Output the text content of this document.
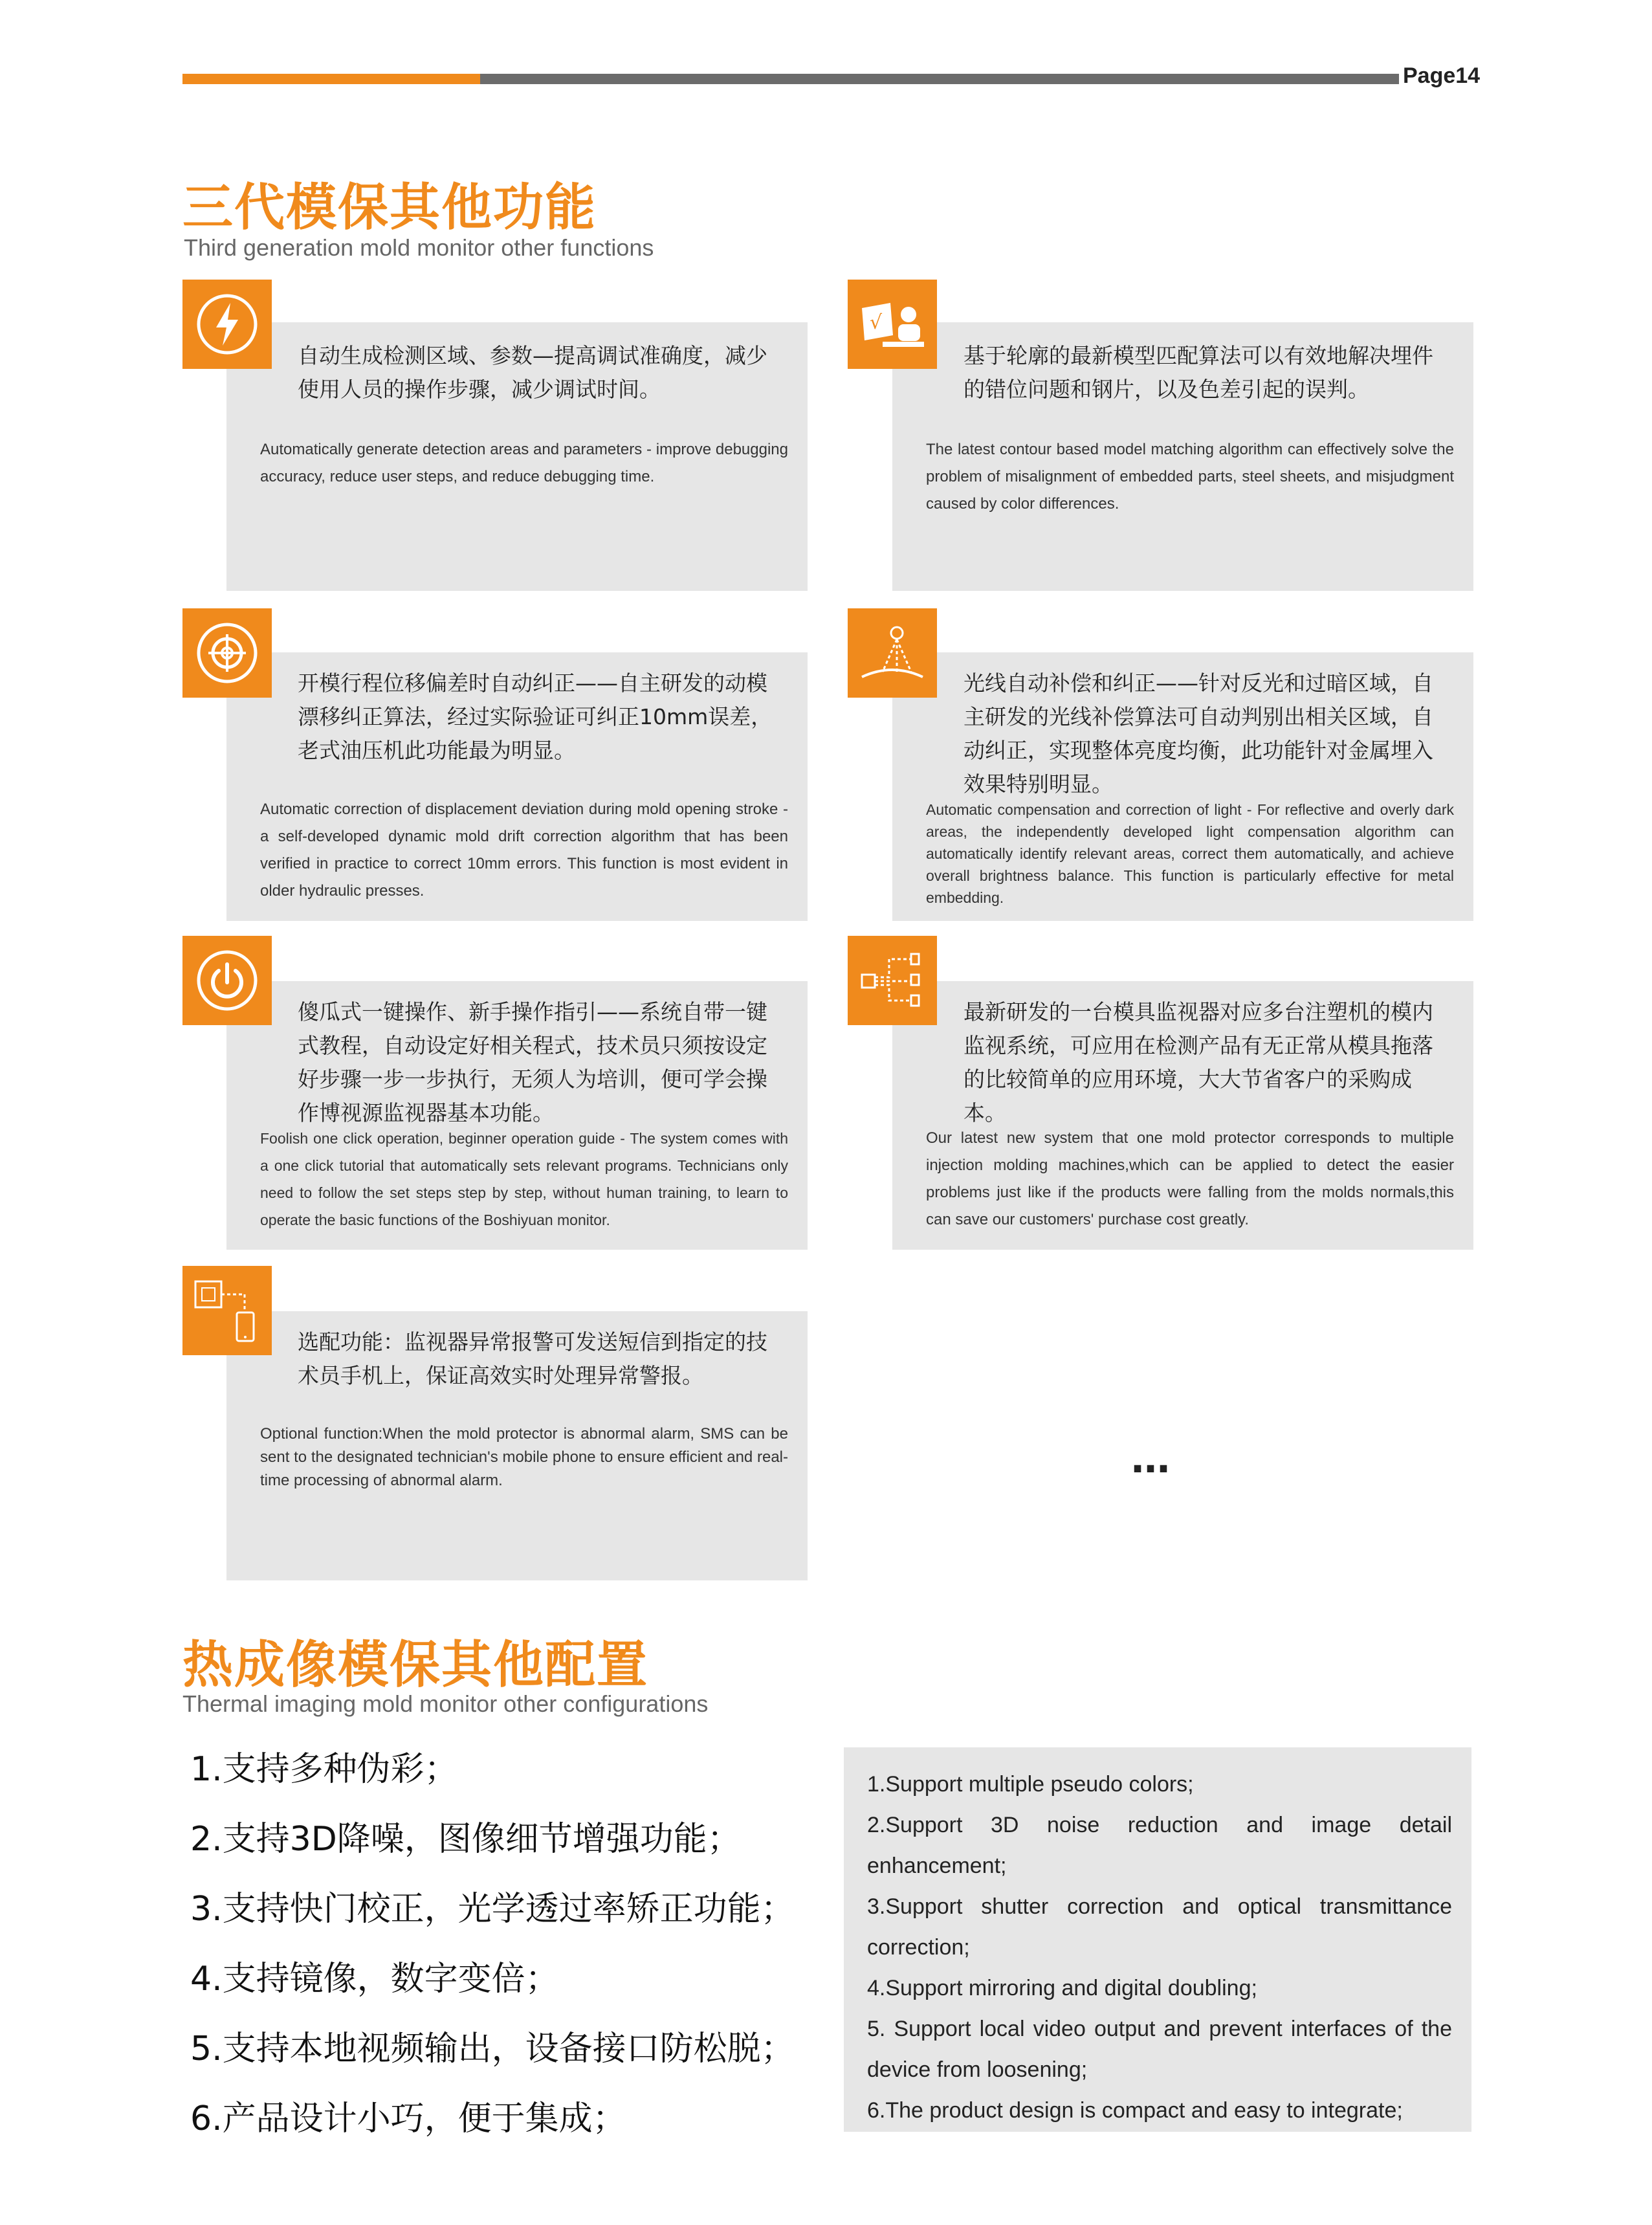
Page14
三代模保其他功能
Third generation mold monitor other functions
自动生成检测区域、参数—提高调试准确度，减少使用人员的操作步骤，减少调试时间。
Automatically generate detection areas and parameters - improve debugging accuracy, reduce user steps, and reduce debugging time.
基于轮廓的最新模型匹配算法可以有效地解决埋件的错位问题和钢片，以及色差引起的误判。
The latest contour based model matching algorithm can effectively solve the problem of misalignment of embedded parts, steel sheets, and misjudgment caused by color differences.
√
开模行程位移偏差时自动纠正——自主研发的动模漂移纠正算法，经过实际验证可纠正10mm误差，老式油压机此功能最为明显。
Automatic correction of displacement deviation during mold opening stroke - a self-developed dynamic mold drift correction algorithm that has been verified in practice to correct 10mm errors. This function is most evident in older hydraulic presses.
光线自动补偿和纠正——针对反光和过暗区域，自主研发的光线补偿算法可自动判别出相关区域，自动纠正，实现整体亮度均衡，此功能针对金属埋入效果特别明显。
Automatic compensation and correction of light - For reflective and overly dark areas, the independently developed light compensation algorithm can automatically identify relevant areas, correct them automatically, and achieve overall brightness balance. This function is particularly effective for metal embedding.
傻瓜式一键操作、新手操作指引——系统自带一键式教程，自动设定好相关程式，技术员只须按设定好步骤一步一步执行，无须人为培训，便可学会操作博视源监视器基本功能。
Foolish one click operation, beginner operation guide - The system comes with a one click tutorial that automatically sets relevant programs. Technicians only need to follow the set steps step by step, without human training, to learn to operate the basic functions of the Boshiyuan monitor.
最新研发的一台模具监视器对应多台注塑机的模内监视系统，可应用在检测产品有无正常从模具拖落的比较简单的应用环境，大大节省客户的采购成本。
Our latest new system that one mold protector corresponds to multiple injection molding machines,which can be applied to detect the easier problems just like if the products were falling from the molds normals,this can save our customers' purchase cost greatly.
选配功能：监视器异常报警可发送短信到指定的技术员手机上，保证高效实时处理异常警报。
Optional function:When the mold protector is abnormal alarm, SMS can be sent to the designated technician's mobile phone to ensure efficient and real-time processing of abnormal alarm.	…
热成像模保其他配置
Thermal imaging mold monitor other configurations
1.支持多种伪彩；
2.支持3D降噪，图像细节增强功能；
3.支持快门校正，光学透过率矫正功能；
4.支持镜像，数字变倍；
5.支持本地视频输出，设备接口防松脱；
6.产品设计小巧，便于集成；
1.Support multiple pseudo colors;
2.Support 3D noise reduction and image detail enhancement;
3.Support shutter correction and optical transmittance correction;
4.Support mirroring and digital doubling;
5. Support local video output and prevent interfaces of the device from loosening;
6.The product design is compact and easy to integrate;
